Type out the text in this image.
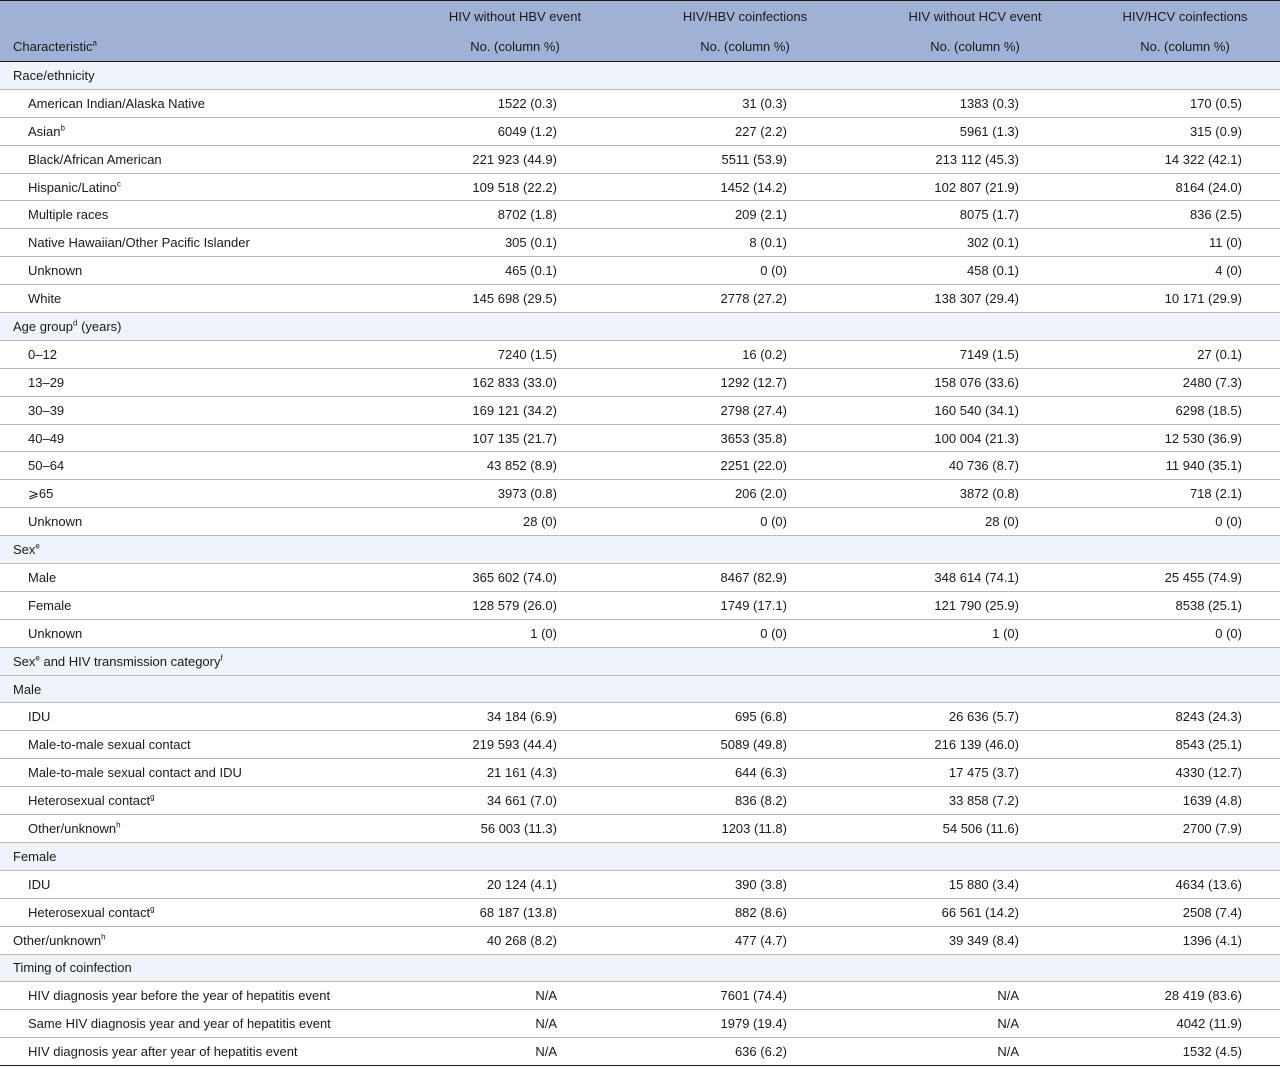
	HIV without HBV event	HIV/HBV coinfections	HIV without HCV event	HIV/HCV coinfections
Characteristic$^a$	No. (column %)	No. (column %)	No. (column %)	No. (column %)
Race/ethnicity				
American Indian/Alaska Native	1522 (0.3)	31 (0.3)	1383 (0.3)	170 (0.5)
Asian$^b$	6049 (1.2)	227 (2.2)	5961 (1.3)	315 (0.9)
Black/African American	221 923 (44.9)	5511 (53.9)	213 112 (45.3)	14 322 (42.1)
Hispanic/Latino$^c$	109 518 (22.2)	1452 (14.2)	102 807 (21.9)	8164 (24.0)
Multiple races	8702 (1.8)	209 (2.1)	8075 (1.7)	836 (2.5)
Native Hawaiian/Other Pacific Islander	305 (0.1)	8 (0.1)	302 (0.1)	11 (0)
Unknown	465 (0.1)	0 (0)	458 (0.1)	4 (0)
White	145 698 (29.5)	2778 (27.2)	138 307 (29.4)	10 171 (29.9)
Age group$^d$ (years)				
0–12	7240 (1.5)	16 (0.2)	7149 (1.5)	27 (0.1)
13–29	162 833 (33.0)	1292 (12.7)	158 076 (33.6)	2480 (7.3)
30–39	169 121 (34.2)	2798 (27.4)	160 540 (34.1)	6298 (18.5)
40–49	107 135 (21.7)	3653 (35.8)	100 004 (21.3)	12 530 (36.9)
50–64	43 852 (8.9)	2251 (22.0)	40 736 (8.7)	11 940 (35.1)
⩾65	3973 (0.8)	206 (2.0)	3872 (0.8)	718 (2.1)
Unknown	28 (0)	0 (0)	28 (0)	0 (0)
Sex$^e$
Male	365 602 (74.0)	8467 (82.9)	348 614 (74.1)	25 455 (74.9)
Female	128 579 (26.0)	1749 (17.1)	121 790 (25.9)	8538 (25.1)
Unknown	1 (0)	0 (0)	1 (0)	0 (0)
Sex$^e$ and HIV transmission category$^f$
Male				
IDU	34 184 (6.9)	695 (6.8)	26 636 (5.7)	8243 (24.3)
Male-to-male sexual contact	219 593 (44.4)	5089 (49.8)	216 139 (46.0)	8543 (25.1)
Male-to-male sexual contact and IDU	21 161 (4.3)	644 (6.3)	17 475 (3.7)	4330 (12.7)
Heterosexual contact$^g$	34 661 (7.0)	836 (8.2)	33 858 (7.2)	1639 (4.8)
Other/unknown$^h$	56 003 (11.3)	1203 (11.8)	54 506 (11.6)	2700 (7.9)
Female				
IDU	20 124 (4.1)	390 (3.8)	15 880 (3.4)	4634 (13.6)
Heterosexual contact$^g$	68 187 (13.8)	882 (8.6)	66 561 (14.2)	2508 (7.4)
Other/unknown$^h$	40 268 (8.2)	477 (4.7)	39 349 (8.4)	1396 (4.1)
Timing of coinfection				
HIV diagnosis year before the year of hepatitis event	N/A	7601 (74.4)	N/A	28 419 (83.6)
Same HIV diagnosis year and year of hepatitis event	N/A	1979 (19.4)	N/A	4042 (11.9)
HIV diagnosis year after year of hepatitis event	N/A	636 (6.2)	N/A	1532 (4.5)
